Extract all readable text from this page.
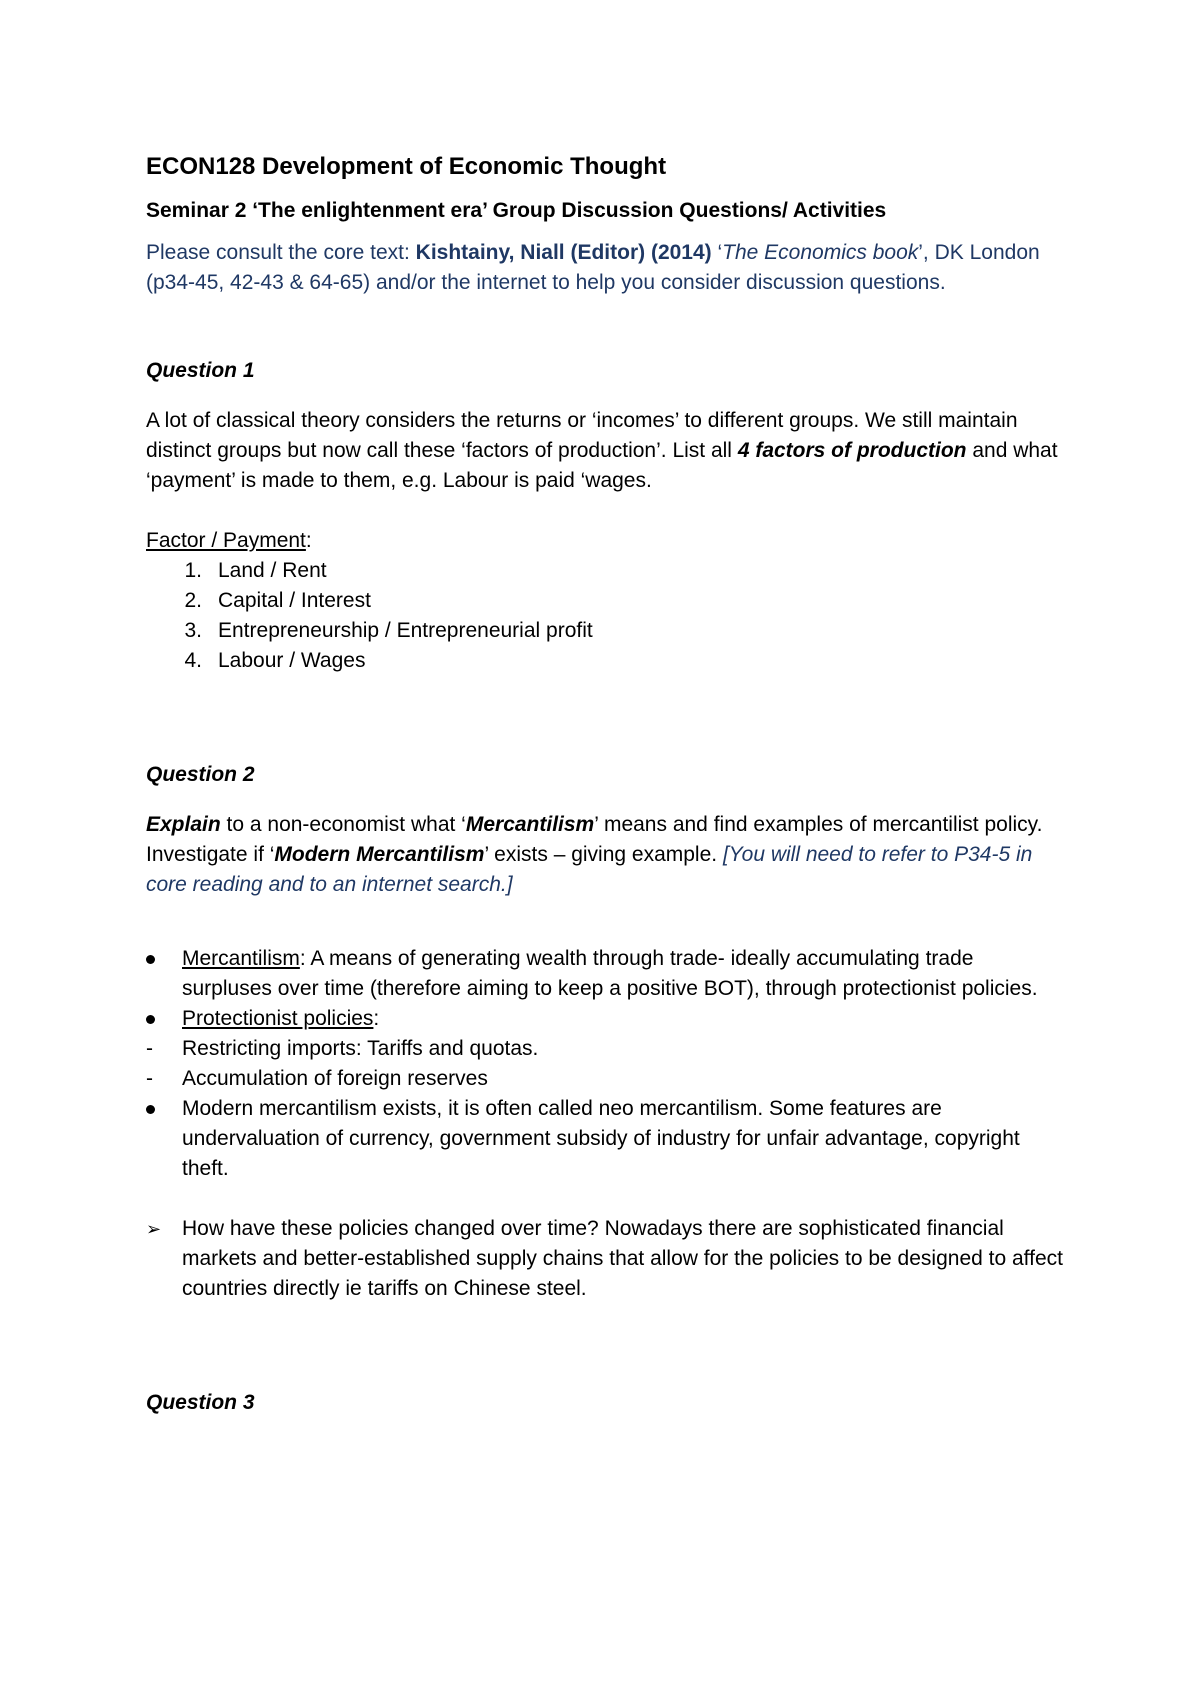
ECON128 Development of Economic Thought

Seminar 2 ‘The enlightenment era’ Group Discussion Questions/ Activities

Please consult the core text: Kishtainy, Niall (Editor) (2014) ‘The Economics book’, DK London (p34-45, 42-43 & 64-65) and/or the internet to help you consider discussion questions.

Question 1

A lot of classical theory considers the returns or ‘incomes’ to different groups. We still maintain distinct groups but now call these ‘factors of production’. List all 4 factors of production and what ‘payment’ is made to them, e.g. Labour is paid ‘wages.

Factor / Payment:

1. Land / Rent
2. Capital / Interest
3. Entrepreneurship / Entrepreneurial profit
4. Labour / Wages

Question 2

Explain to a non-economist what ‘Mercantilism’ means and find examples of mercantilist policy. Investigate if ‘Modern Mercantilism’ exists – giving example. [You will need to refer to P34-5 in core reading and to an internet search.]

Mercantilism: A means of generating wealth through trade- ideally accumulating trade surpluses over time (therefore aiming to keep a positive BOT), through protectionist policies.
Protectionist policies:
-	Restricting imports: Tariffs and quotas.
-	Accumulation of foreign reserves
Modern mercantilism exists, it is often called neo mercantilism. Some features are undervaluation of currency, government subsidy of industry for unfair advantage, copyright theft.
➢ How have these policies changed over time? Nowadays there are sophisticated financial markets and better-established supply chains that allow for the policies to be designed to affect countries directly ie tariffs on Chinese steel.

Question 3
